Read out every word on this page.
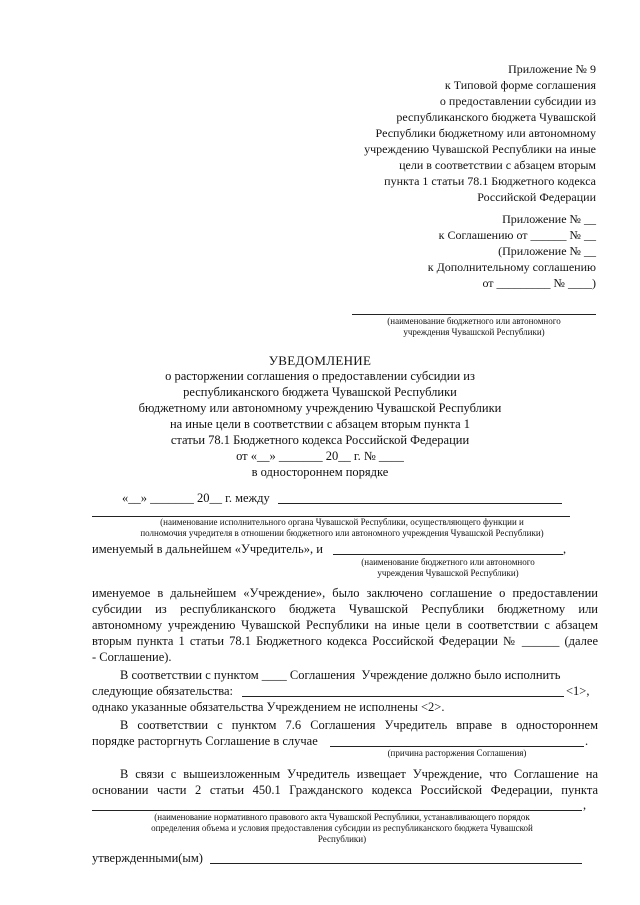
Приложение № 9
к Типовой форме соглашения
о предоставлении субсидии из
республиканского бюджета Чувашской
Республики бюджетному или автономному
учреждению Чувашской Республики на иные
цели в соответствии с абзацем вторым
пункта 1 статьи 78.1 Бюджетного кодекса
Российской Федерации
Приложение № __
к Соглашению от ______ № __
(Приложение № __
к Дополнительному соглашению
от _________ № ____)
(наименование бюджетного или автономного
учреждения Чувашской Республики)
УВЕДОМЛЕНИЕ
о расторжении соглашения о предоставлении субсидии из
республиканского бюджета Чувашской Республики
бюджетному или автономному учреждению Чувашской Республики
на иные цели в соответствии с абзацем вторым пункта 1
статьи 78.1 Бюджетного кодекса Российской Федерации
от «__» _______ 20__ г. № ____
в одностороннем порядке
«__» _______ 20__ г. между
(наименование исполнительного органа Чувашской Республики, осуществляющего функции и
полномочия учредителя в отношении бюджетного или автономного учреждения Чувашской Республики)
именуемый в дальнейшем «Учредитель», и	,
(наименование бюджетного или автономного
учреждения Чувашской Республики)
именуемое в дальнейшем «Учреждение», было заключено соглашение о предоставлении
субсидии из республиканского бюджета Чувашской Республики бюджетному или
автономному учреждению Чувашской Республики на иные цели в соответствии с абзацем
вторым пункта 1 статьи 78.1 Бюджетного кодекса Российской Федерации № ______ (далее
- Соглашение).
В соответствии с пунктом ____ Соглашения  Учреждение должно было исполнить
следующие обязательства:	<1>,
однако указанные обязательства Учреждением не исполнены <2>.
В соответствии с пунктом 7.6 Соглашения Учредитель вправе в одностороннем
порядке расторгнуть Соглашение в случае	.
(причина расторжения Соглашения)
В связи с вышеизложенным Учредитель извещает Учреждение, что Соглашение на
основании части 2 статьи 450.1 Гражданского кодекса Российской Федерации, пункта
,
(наименование нормативного правового акта Чувашской Республики, устанавливающего порядок
определения объема и условия предоставления субсидии из республиканского бюджета Чувашской
Республики)
утвержденными(ым)
